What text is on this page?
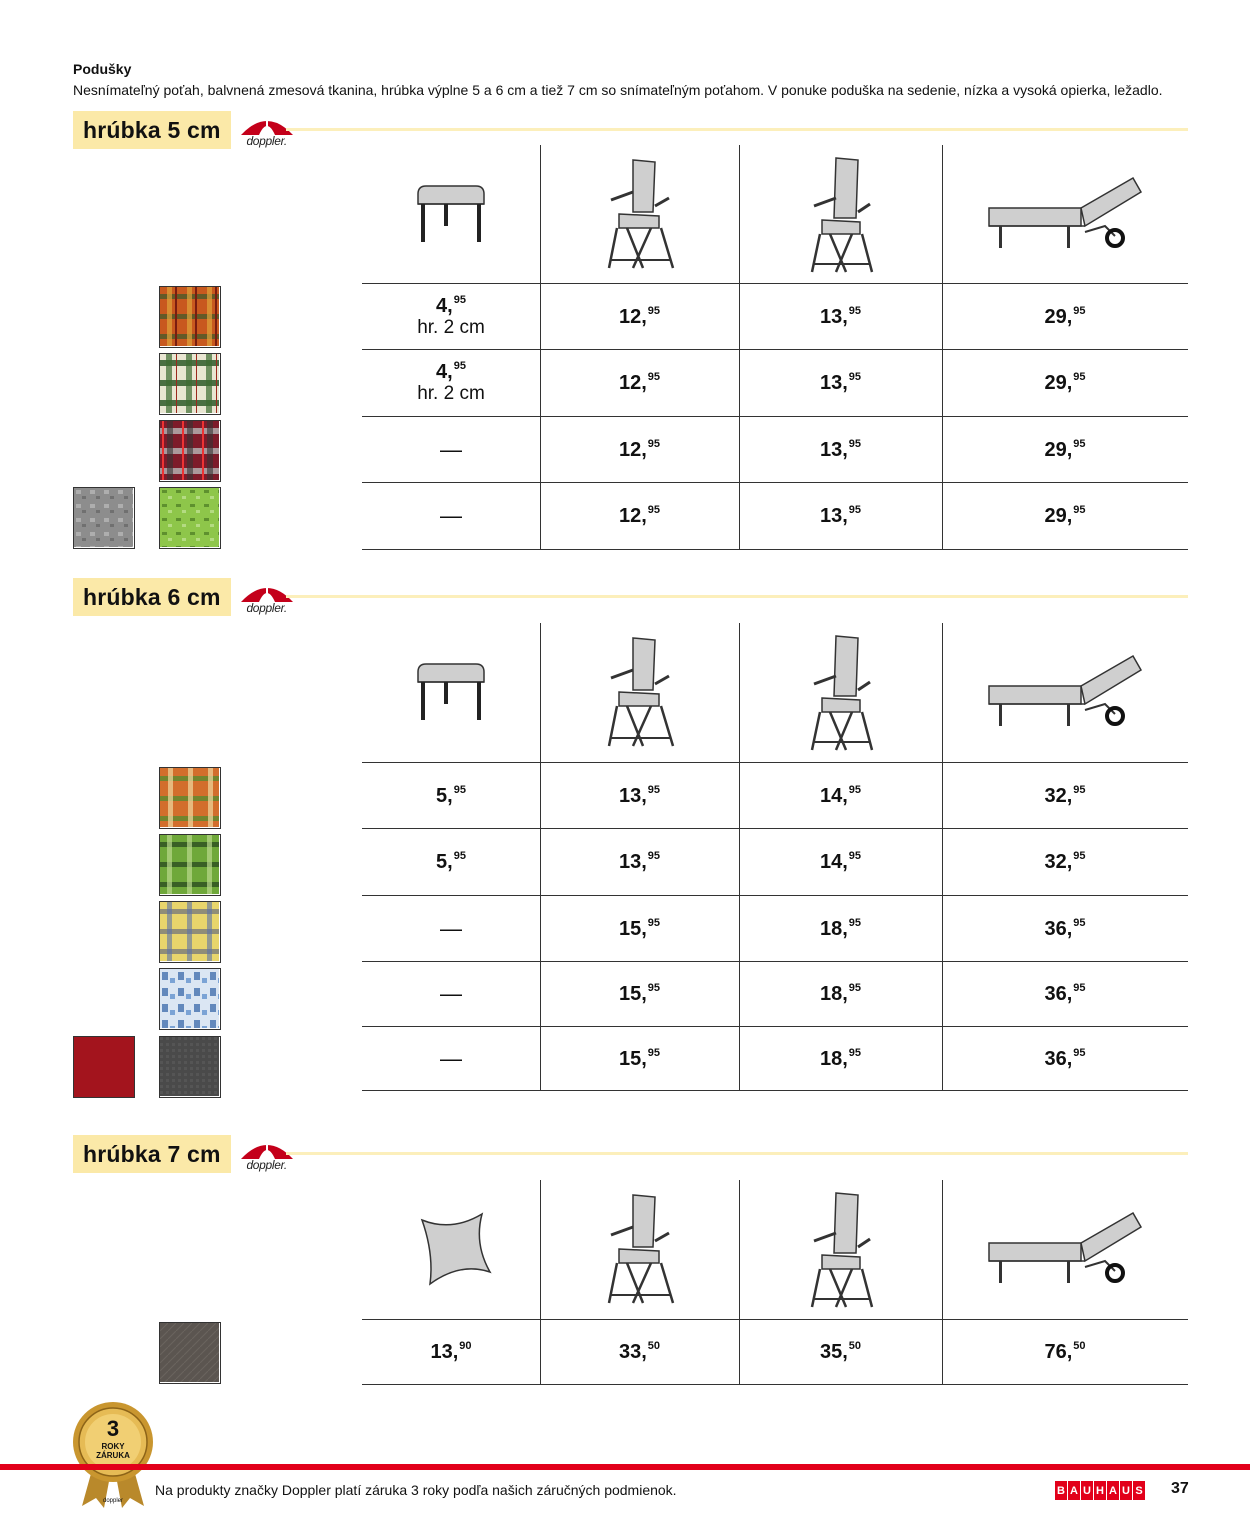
Podušky

Nesnímateľný poťah, balvnená zmesová tkanina, hrúbka výplne 5 a 6 cm a tiež 7 cm so snímateľným poťahom. V ponuke poduška na sedenie, nízka a vysoká opierka, ležadlo.

hrúbka 5 cm	doppler.
4 , 95
hr. 2 cm	12 , 95	13 , 95	29 , 95
4 , 95
hr. 2 cm	12 , 95	13 , 95	29 , 95
—	12 , 95	13 , 95	29 , 95
—	12 , 95	13 , 95	29 , 95
hrúbka 6 cm	doppler.
5 , 95	13 , 95	14 , 95	32 , 95
5 , 95	13 , 95	14 , 95	32 , 95
—	15 , 95	18 , 95	36 , 95
—	15 , 95	18 , 95	36 , 95
—	15 , 95	18 , 95	36 , 95
hrúbka 7 cm	doppler.
13 , 90	33 , 50	35 , 50	76 , 50
3
ROKY
ZÁRUKA
doppler
Na produkty značky Doppler platí záruka 3 roky podľa našich záručných podmienok.	B A U H A U S 37
